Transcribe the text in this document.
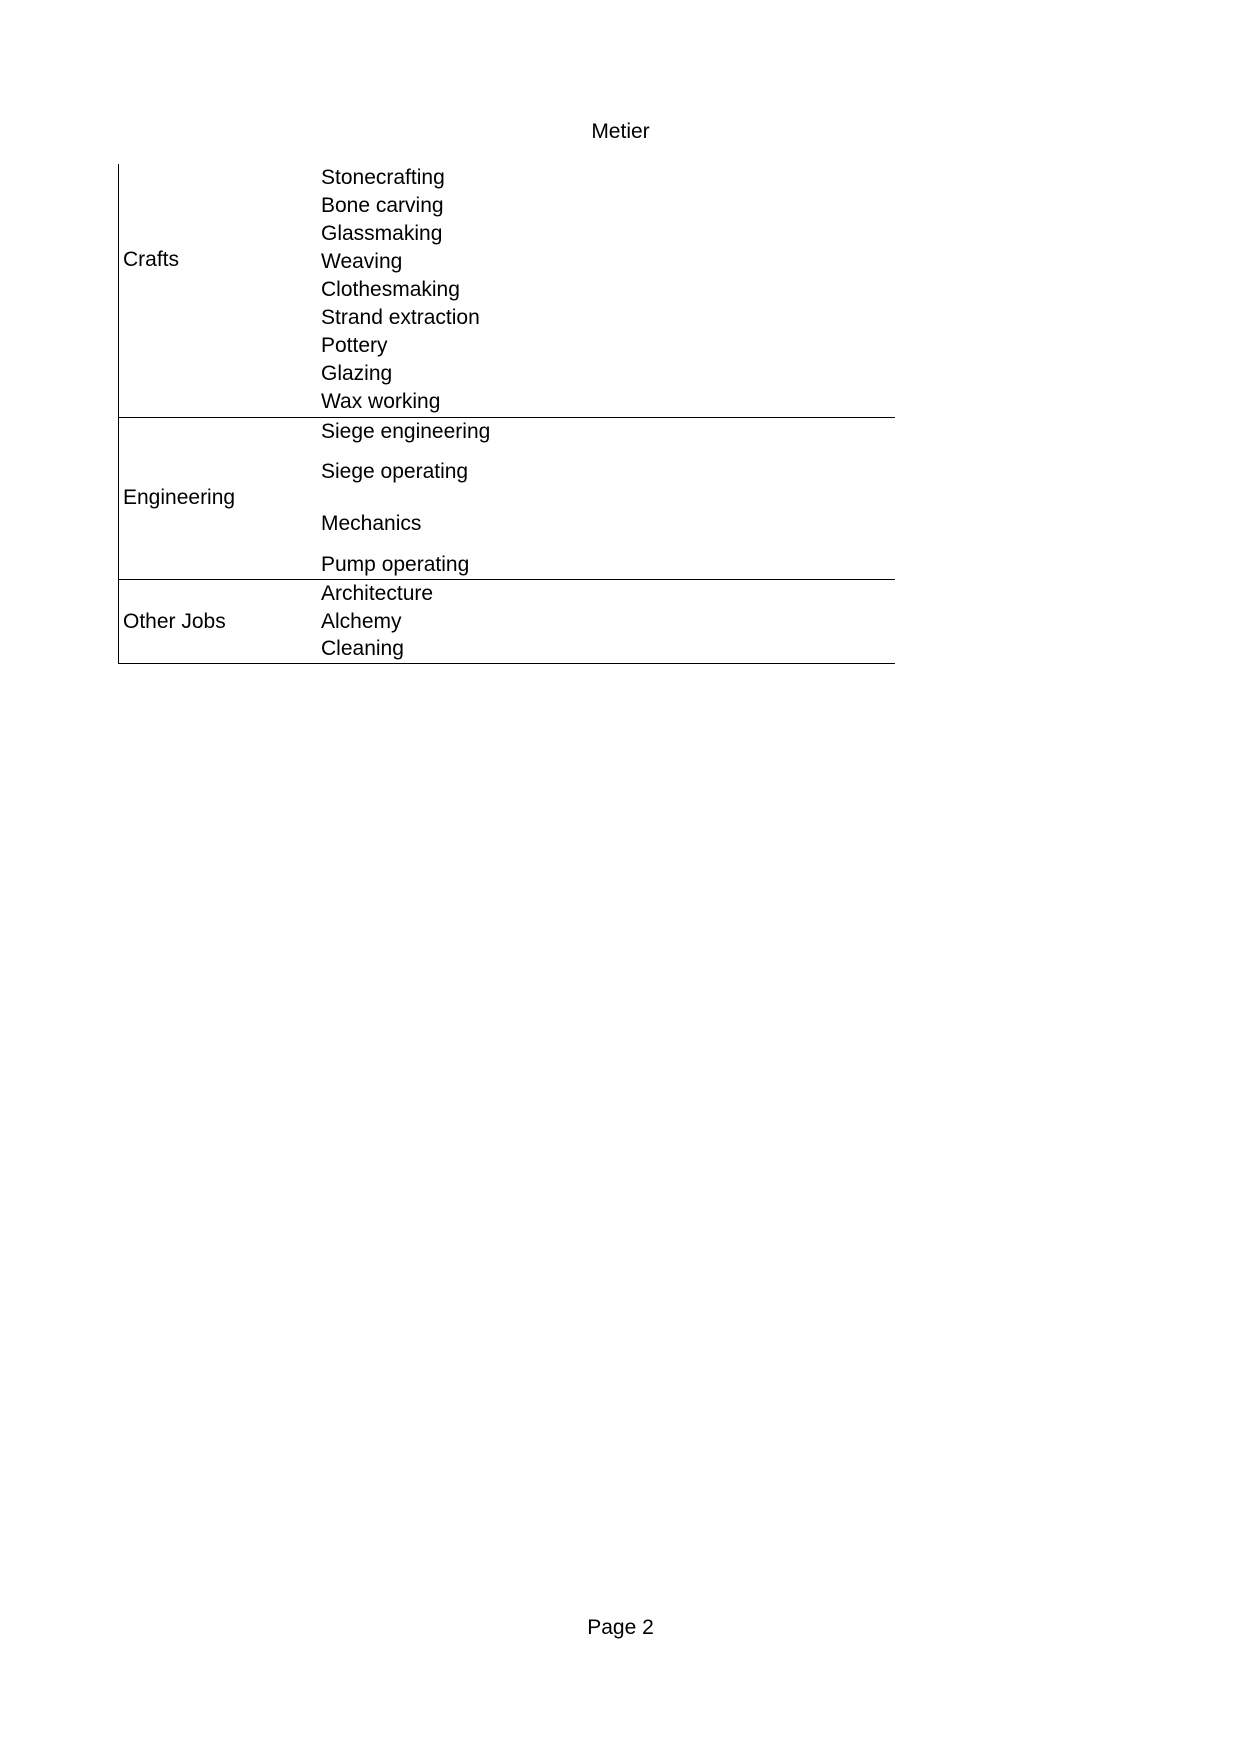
Metier
Crafts
Stonecrafting
Bone carving
Glassmaking
Weaving
Clothesmaking
Strand extraction
Pottery
Glazing
Wax working
Engineering
Siege engineering
Siege operating
Mechanics
Pump operating
Other Jobs
Architecture
Alchemy
Cleaning
Page 2
